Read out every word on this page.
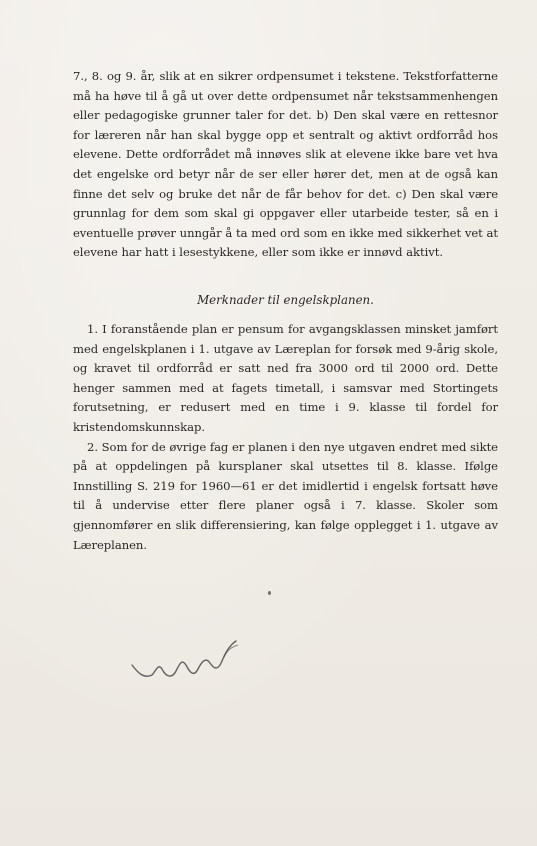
7., 8. og 9. år, slik at en sikrer ordpensumet i tekstene. Tekstforfatterne må ha høve til å gå ut over dette ordpensumet når tekstsammenhengen eller pedagogiske grunner taler for det. b) Den skal være en rettesnor for læreren når han skal bygge opp et sentralt og aktivt ordforråd hos elevene. Dette ordforrådet må innøves slik at elevene ikke bare vet hva det engelske ord betyr når de ser eller hører det, men at de også kan finne det selv og bruke det når de får behov for det. c) Den skal være grunnlag for dem som skal gi oppgaver eller utarbeide tester, så en i eventuelle prøver unngår å ta med ord som en ikke med sikkerhet vet at elevene har hatt i lesestykkene, eller som ikke er innøvd aktivt.

Merknader til engelskplanen.

1. I foranstående plan er pensum for avgangsklassen minsket jamført med engelskplanen i 1. utgave av Læreplan for forsøk med 9-årig skole, og kravet til ordforråd er satt ned fra 3000 ord til 2000 ord. Dette henger sammen med at fagets timetall, i samsvar med Stortingets forutsetning, er redusert med en time i 9. klasse til fordel for kristendomskunnskap.

2. Som for de øvrige fag er planen i den nye utgaven endret med sikte på at oppdelingen på kursplaner skal utsettes til 8. klasse. Ifølge Innstilling S. 219 for 1960—61 er det imidlertid i engelsk fortsatt høve til å undervise etter flere planer også i 7. klasse. Skoler som gjennomfører en slik differensiering, kan følge opplegget i 1. utgave av Læreplanen.
